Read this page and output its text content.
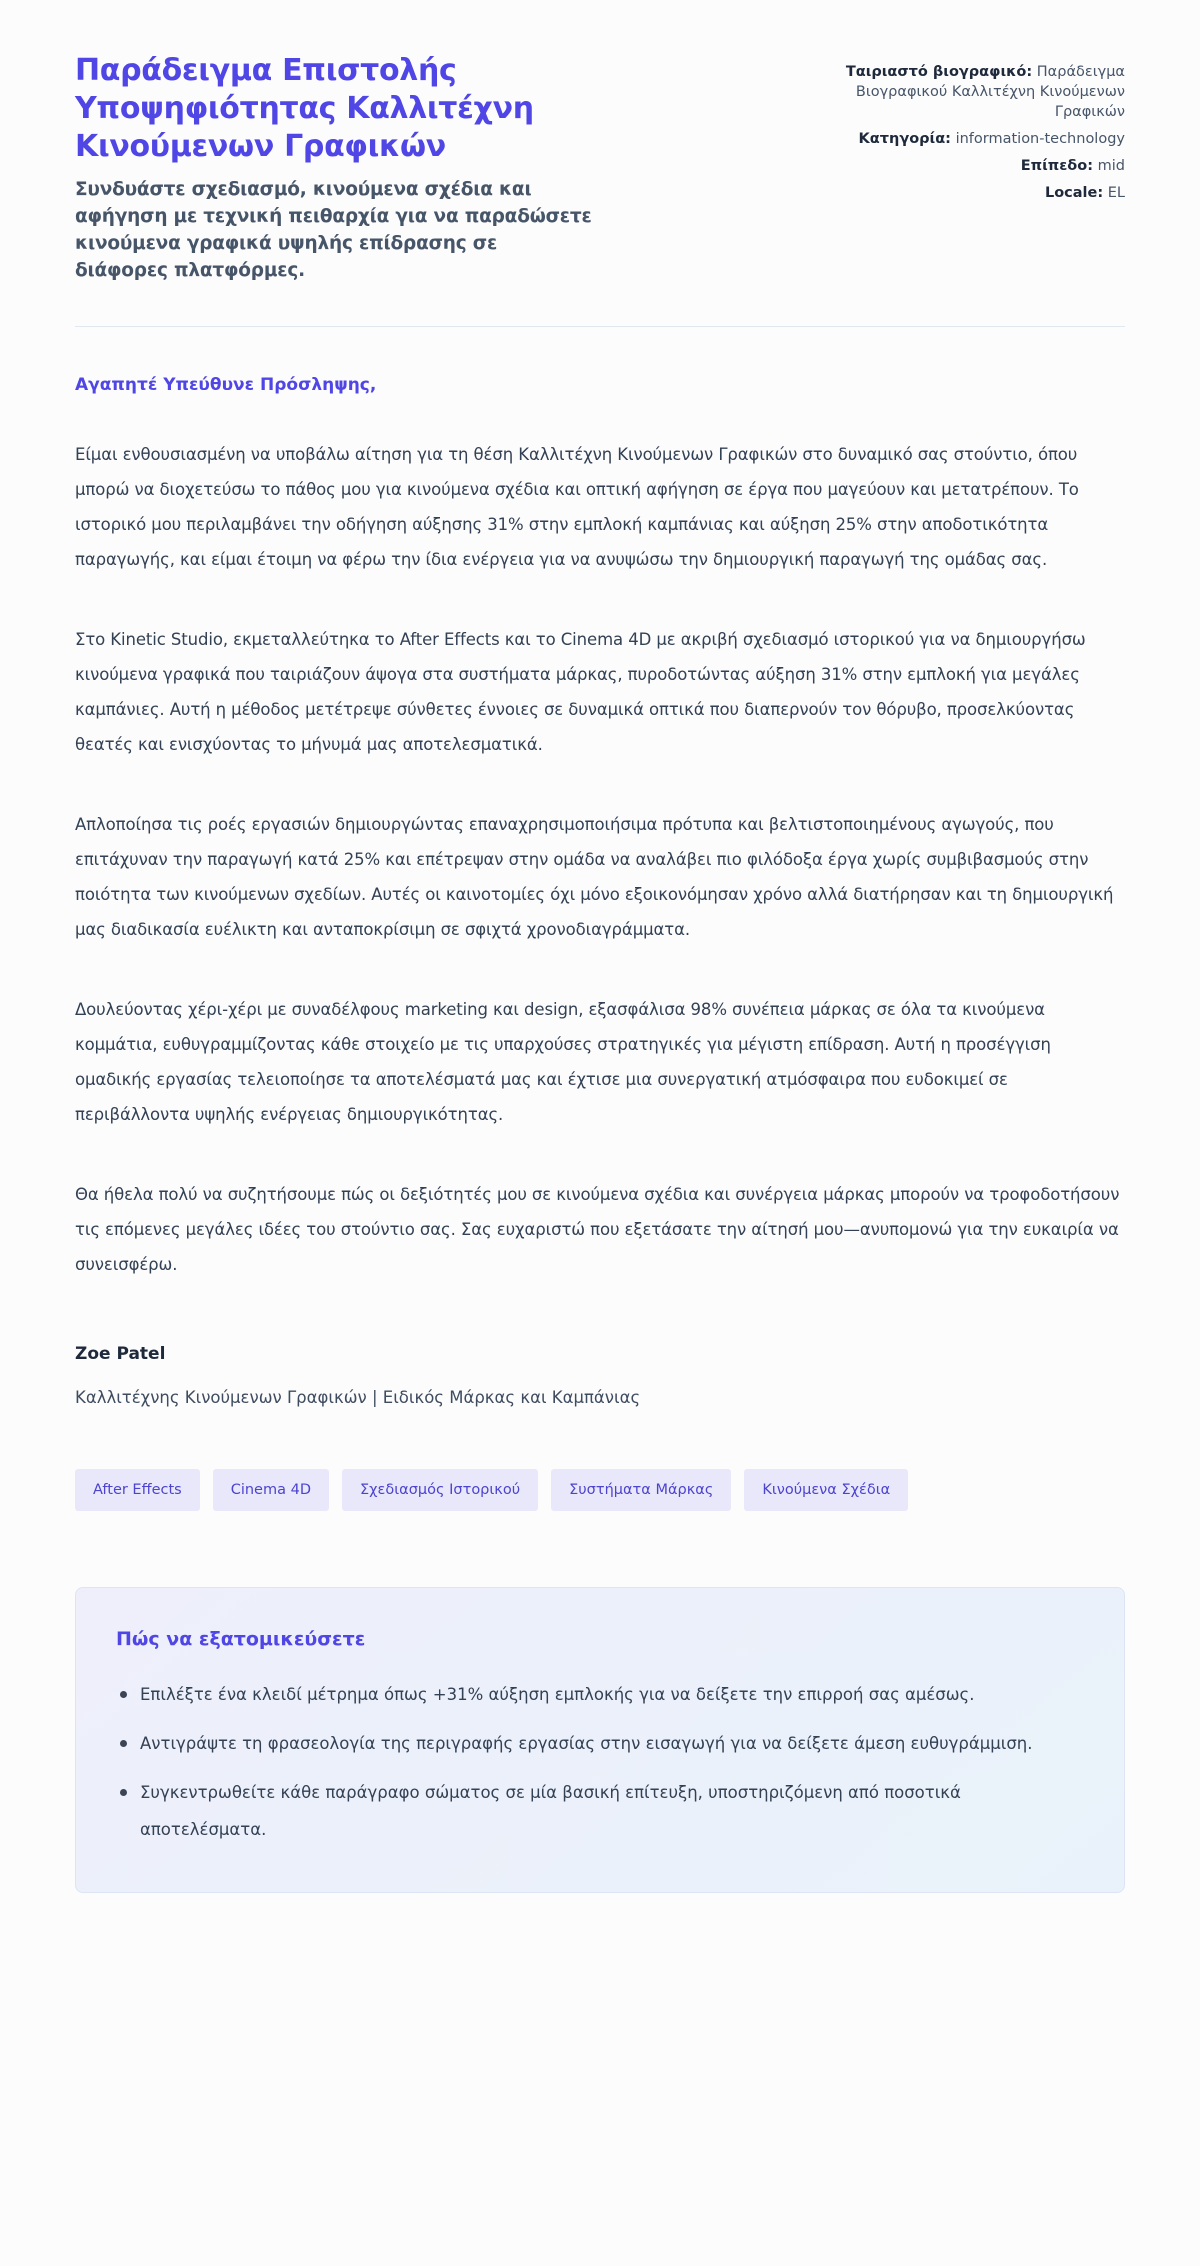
Παράδειγμα Επιστολής Υποψηφιότητας Καλλιτέχνη Κινούμενων Γραφικών

Συνδυάστε σχεδιασμό, κινούμενα σχέδια και αφήγηση με τεχνική πειθαρχία για να παραδώσετε κινούμενα γραφικά υψηλής επίδρασης σε διάφορες πλατφόρμες.

Ταιριαστό βιογραφικό: Παράδειγμα Βιογραφικού Καλλιτέχνη Κινούμενων Γραφικών
Κατηγορία: information-technology
Επίπεδο: mid
Locale: EL

Αγαπητέ Υπεύθυνε Πρόσληψης,

Είμαι ενθουσιασμένη να υποβάλω αίτηση για τη θέση Καλλιτέχνη Κινούμενων Γραφικών στο δυναμικό σας στούντιο, όπου μπορώ να διοχετεύσω το πάθος μου για κινούμενα σχέδια και οπτική αφήγηση σε έργα που μαγεύουν και μετατρέπουν. Το ιστορικό μου περιλαμβάνει την οδήγηση αύξησης 31% στην εμπλοκή καμπάνιας και αύξηση 25% στην αποδοτικότητα παραγωγής, και είμαι έτοιμη να φέρω την ίδια ενέργεια για να ανυψώσω την δημιουργική παραγωγή της ομάδας σας.

Στο Kinetic Studio, εκμεταλλεύτηκα το After Effects και το Cinema 4D με ακριβή σχεδιασμό ιστορικού για να δημιουργήσω κινούμενα γραφικά που ταιριάζουν άψογα στα συστήματα μάρκας, πυροδοτώντας αύξηση 31% στην εμπλοκή για μεγάλες καμπάνιες. Αυτή η μέθοδος μετέτρεψε σύνθετες έννοιες σε δυναμικά οπτικά που διαπερνούν τον θόρυβο, προσελκύοντας θεατές και ενισχύοντας το μήνυμά μας αποτελεσματικά.

Απλοποίησα τις ροές εργασιών δημιουργώντας επαναχρησιμοποιήσιμα πρότυπα και βελτιστοποιημένους αγωγούς, που επιτάχυναν την παραγωγή κατά 25% και επέτρεψαν στην ομάδα να αναλάβει πιο φιλόδοξα έργα χωρίς συμβιβασμούς στην ποιότητα των κινούμενων σχεδίων. Αυτές οι καινοτομίες όχι μόνο εξοικονόμησαν χρόνο αλλά διατήρησαν και τη δημιουργική μας διαδικασία ευέλικτη και ανταποκρίσιμη σε σφιχτά χρονοδιαγράμματα.

Δουλεύοντας χέρι-χέρι με συναδέλφους marketing και design, εξασφάλισα 98% συνέπεια μάρκας σε όλα τα κινούμενα κομμάτια, ευθυγραμμίζοντας κάθε στοιχείο με τις υπαρχούσες στρατηγικές για μέγιστη επίδραση. Αυτή η προσέγγιση ομαδικής εργασίας τελειοποίησε τα αποτελέσματά μας και έχτισε μια συνεργατική ατμόσφαιρα που ευδοκιμεί σε περιβάλλοντα υψηλής ενέργειας δημιουργικότητας.

Θα ήθελα πολύ να συζητήσουμε πώς οι δεξιότητές μου σε κινούμενα σχέδια και συνέργεια μάρκας μπορούν να τροφοδοτήσουν τις επόμενες μεγάλες ιδέες του στούντιο σας. Σας ευχαριστώ που εξετάσατε την αίτησή μου—ανυπομονώ για την ευκαιρία να συνεισφέρω.

Zoe Patel

Καλλιτέχνης Κινούμενων Γραφικών | Ειδικός Μάρκας και Καμπάνιας

After Effects	Cinema 4D	Σχεδιασμός Ιστορικού	Συστήματα Μάρκας	Κινούμενα Σχέδια
Πώς να εξατομικεύσετε
Επιλέξτε ένα κλειδί μέτρημα όπως +31% αύξηση εμπλοκής για να δείξετε την επιρροή σας αμέσως.
Αντιγράψτε τη φρασεολογία της περιγραφής εργασίας στην εισαγωγή για να δείξετε άμεση ευθυγράμμιση.
Συγκεντρωθείτε κάθε παράγραφο σώματος σε μία βασική επίτευξη, υποστηριζόμενη από ποσοτικά αποτελέσματα.
